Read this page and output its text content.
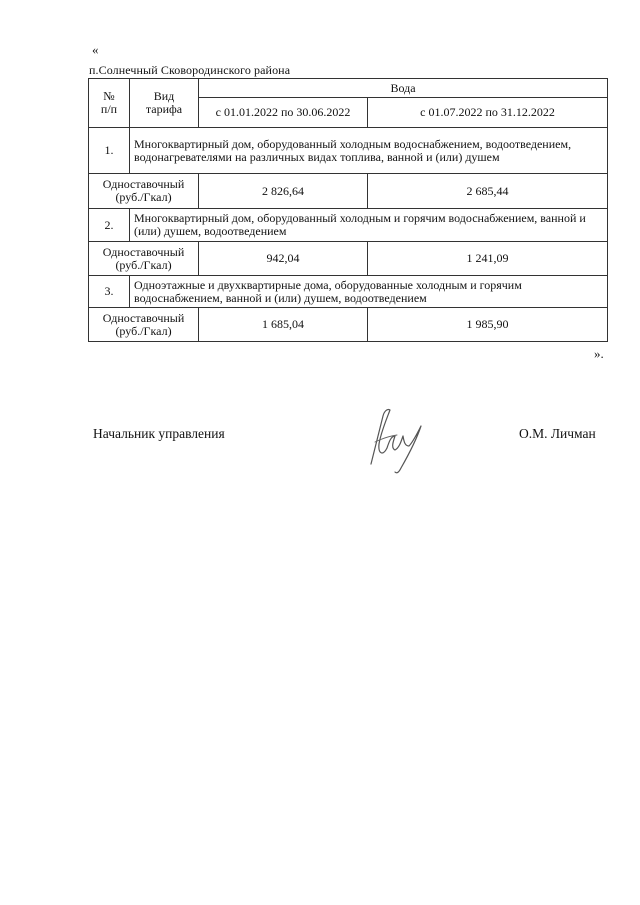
«
п.Солнечный Сковородинского района
№ п/п	Вид тарифа	Вода	
		с 01.01.2022 по 30.06.2022	с 01.07.2022 по 31.12.2022
1.	Многоквартирный дом, оборудованный холодным водоснабжением, водоотведением, водонагревателями на различных видах топлива, ванной и (или) душем		
Одноставочный (руб./Гкал)		2 826,64	2 685,44
2.	Многоквартирный дом, оборудованный холодным и горячим водоснабжением, ванной и (или) душем, водоотведением		
Одноставочный (руб./Гкал)		942,04	1 241,09
3.	Одноэтажные и двухквартирные дома, оборудованные холодным и горячим водоснабжением, ванной и (или) душем, водоотведением		
Одноставочный (руб./Гкал)		1 685,04	1 985,90
».
Начальник управления	О.М. Личман
